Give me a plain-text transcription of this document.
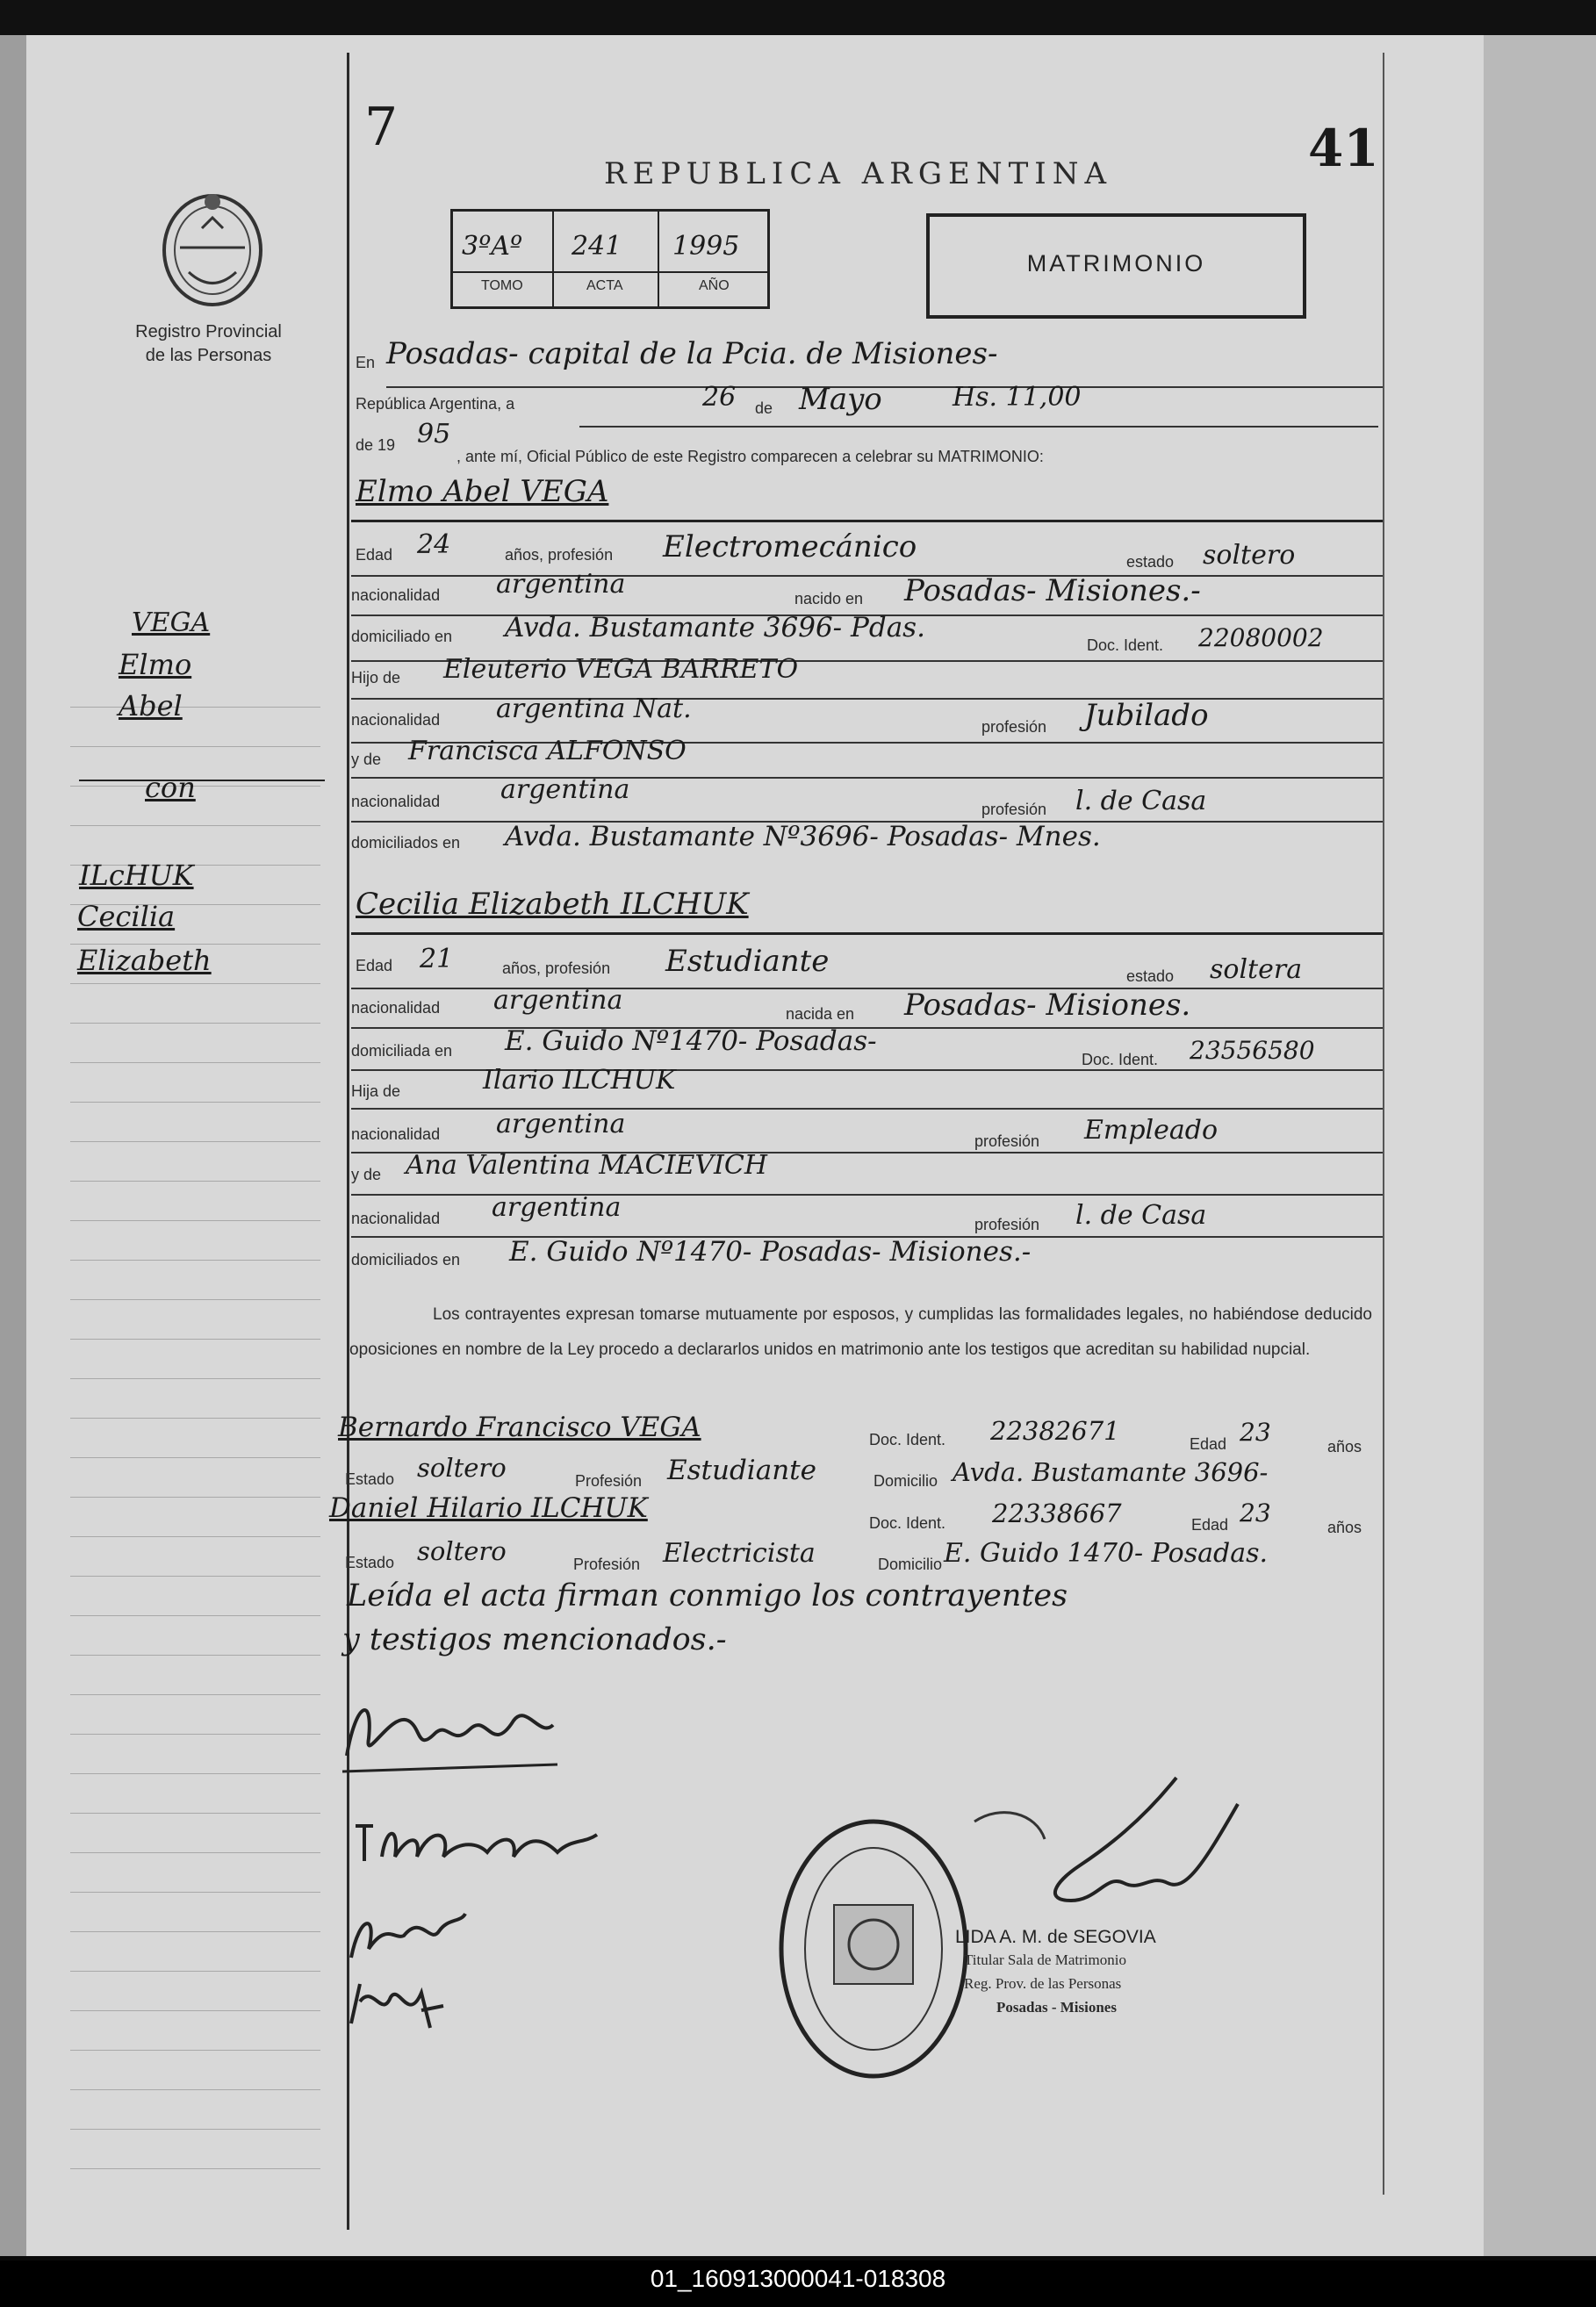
7
REPUBLICA ARGENTINA	41
Registro Provincial
de las Personas
3ºAº 241 1995
TOMO	ACTA	AÑO
MATRIMONIO
En Posadas- capital de la Pcia. de Misiones-
República Argentina, a	26 de Mayo	Hs. 11,00
de 19 95
, ante mí, Oficial Público de este Registro comparecen a celebrar su MATRIMONIO:
Elmo Abel VEGA
Edad 24	años, profesión Electromecánico	estado soltero
nacionalidad argentina	nacido en Posadas- Misiones.-
domiciliado en Avda. Bustamante 3696- Pdas.
Doc. Ident. 22080002
Hijo de Eleuterio VEGA BARRETO
nacionalidad argentina Nat.
profesión Jubilado
y de Francisca ALFONSO
nacionalidad argentina
profesión l. de Casa
domiciliados en Avda. Bustamante Nº3696- Posadas- Mnes.
Cecilia Elizabeth ILCHUK
Edad 21	años, profesión Estudiante	estado soltera
nacionalidad argentina	nacida en Posadas- Misiones.
domiciliada en E. Guido Nº1470- Posadas-
Doc. Ident. 23556580
Hija de	Ilario ILCHUK
nacionalidad argentina
profesión Empleado
y de Ana Valentina MACIEVICH
nacionalidad argentina
profesión l. de Casa
domiciliados en E. Guido Nº1470- Posadas- Misiones.-
Los contrayentes expresan tomarse mutuamente por esposos, y cumplidas las formalidades legales, no habiéndose deducido oposiciones en nombre de la Ley procedo a declararlos unidos en matrimonio ante los testigos que acreditan su habilidad nupcial.
Bernardo Francisco VEGA	Doc. Ident. 22382671	Edad 23	años
Estado soltero	Profesión Estudiante	Domicilio Avda. Bustamante 3696-
Daniel Hilario ILCHUK	Doc. Ident. 22338667	Edad 23	años
Estado soltero	Profesión Electricista	Domicilio E. Guido 1470- Posadas.
Leída el acta firman conmigo los contrayentes
y testigos mencionados.-
VEGA
Elmo
Abel
con
ILcHUK
Cecilia
Elizabeth
LIDA A. M. de SEGOVIA
Titular Sala de Matrimonio
Reg. Prov. de las Personas
Posadas - Misiones
01_160913000041-018308
